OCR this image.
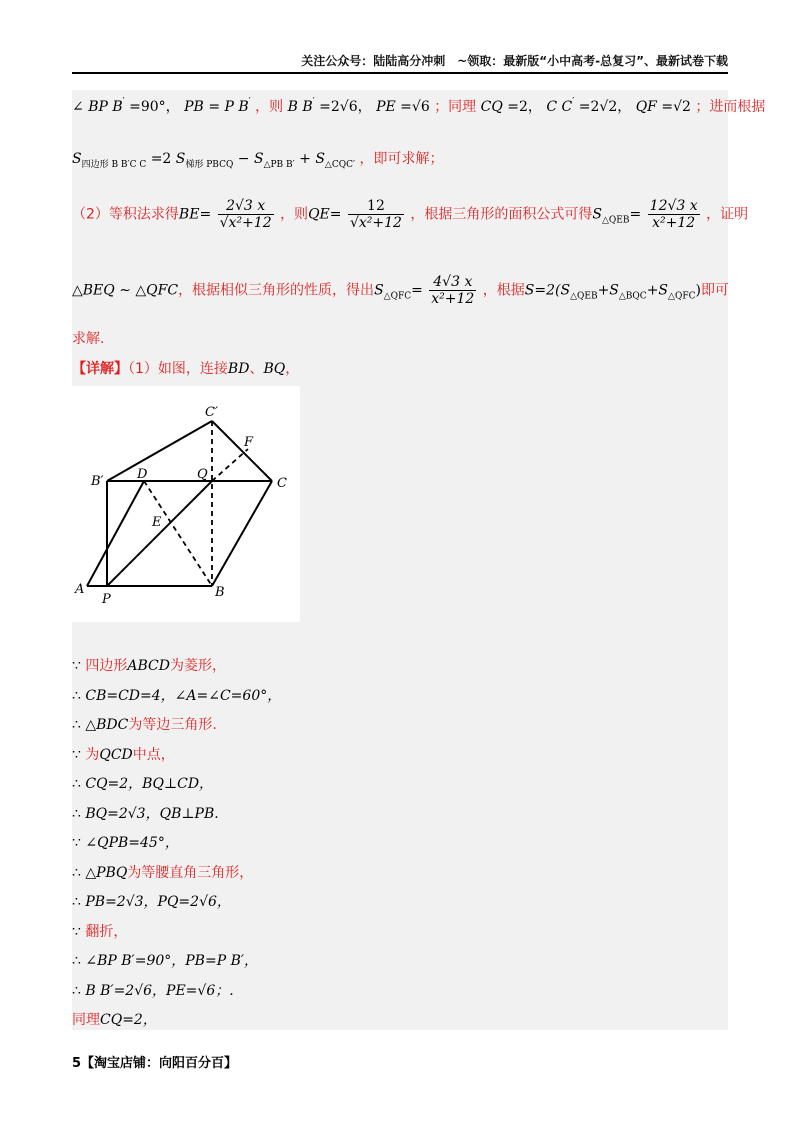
关注公众号：陆陆高分冲刺　~领取：最新版“小中高考-总复习”、最新试卷下载
∠ BP B′ =90°， PB = P B′ ，则 B B′ =2√6， PE =√6 ；同理 CQ =2， C C′ =2√2， QF =√2 ；进而根据
$S_{四边形 B B'C C} =2$ $S_{梯形 PBCQ} - S_{\triangle PB B'} + S_{\triangle CQC'}$ ，即可求解；
（2）等积法求得$BE= \frac{2√3 x}{\text{√x²+12}}$ ，则$QE= \frac{12}{\text{√x²+12}}$ ，根据三角形的面积公式可得$S_{\triangle QEB}= \frac{12√3 x}{\text{x²+12}}$ ，证明
△BEQ ∼ △QFC，根据相似三角形的性质，得出$S_{\triangle QFC}= \frac{4√3 x}{\text{x²+12}}$ ，根据$S=2(S_{\triangle QEB}+S_{\triangle BQC}+S_{\triangle QFC})$即可
求解.
【详解】（1）如图，连接BD、BQ，
C′
F
B′	D	Q
C
E
A
P	B
∵ 四边形ABCD为菱形，
∴ CB=CD=4，∠A=∠C=60°，
∴ △BDC为等边三角形.
∵ 为QCD中点，
∴ CQ=2，BQ⊥CD，
∴ BQ=2√3，QB⊥PB.
∵ ∠QPB=45°，
∴ △PBQ为等腰直角三角形，
∴ PB=2√3，PQ=2√6，
∵ 翻折，
∴ ∠BP B′=90°，PB=P B′，
∴ B B′=2√6，PE=√6；.
同理CQ=2，
5【淘宝店铺：向阳百分百】
